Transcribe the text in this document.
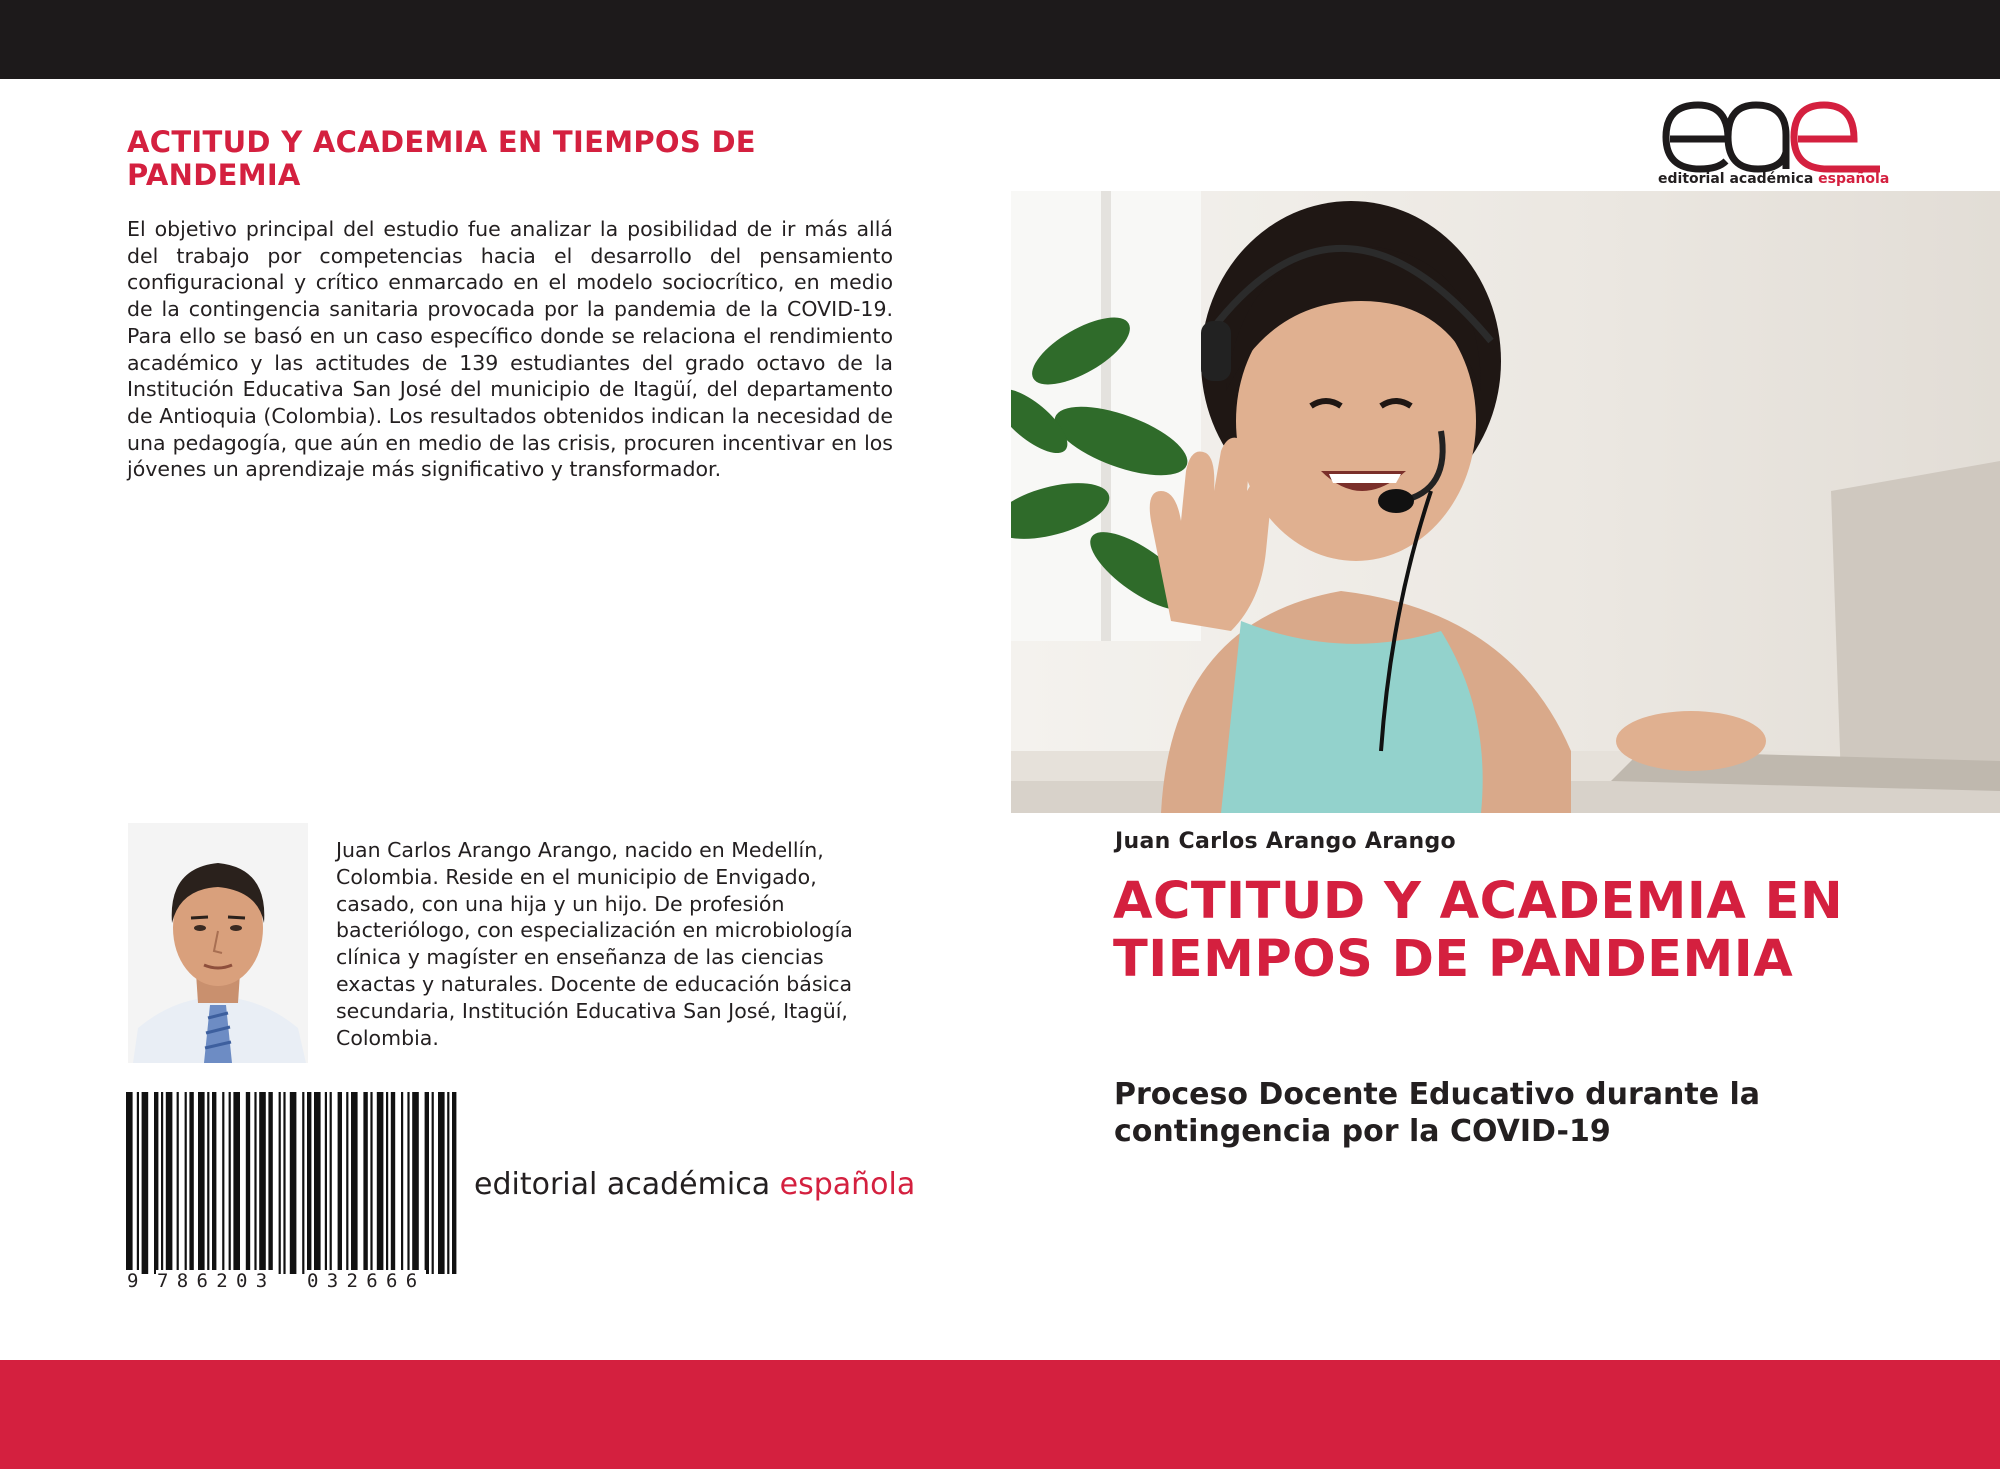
ACTITUD Y ACADEMIA EN TIEMPOS DE PANDEMIA

El objetivo principal del estudio fue analizar la posibilidad de ir más allá del trabajo por competencias hacia el desarrollo del pensamiento configuracional y crítico enmarcado en el modelo sociocrítico, en medio de la contingencia sanitaria provocada por la pandemia de la COVID-19. Para ello se basó en un caso específico donde se relaciona el rendimiento académico y las actitudes de 139 estudiantes del grado octavo de la Institución Educativa San José del municipio de Itagüí, del departamento de Antioquia (Colombia). Los resultados obtenidos indican la necesidad de una pedagogía, que aún en medio de las crisis, procuren incentivar en los jóvenes un aprendizaje más significativo y transformador.

Juan Carlos Arango Arango, nacido en Medellín, Colombia. Reside en el municipio de Envigado, casado, con una hija y un hijo. De profesión bacteriólogo, con especialización en microbiología clínica y magíster en enseñanza de las ciencias exactas y naturales. Docente de educación básica secundaria, Institución Educativa San José, Itagüí, Colombia.

9 786203 032666
editorial académica española
editorial académica española
Juan Carlos Arango Arango
ACTITUD Y ACADEMIA EN TIEMPOS DE PANDEMIA

Proceso Docente Educativo durante la contingencia por la COVID-19
